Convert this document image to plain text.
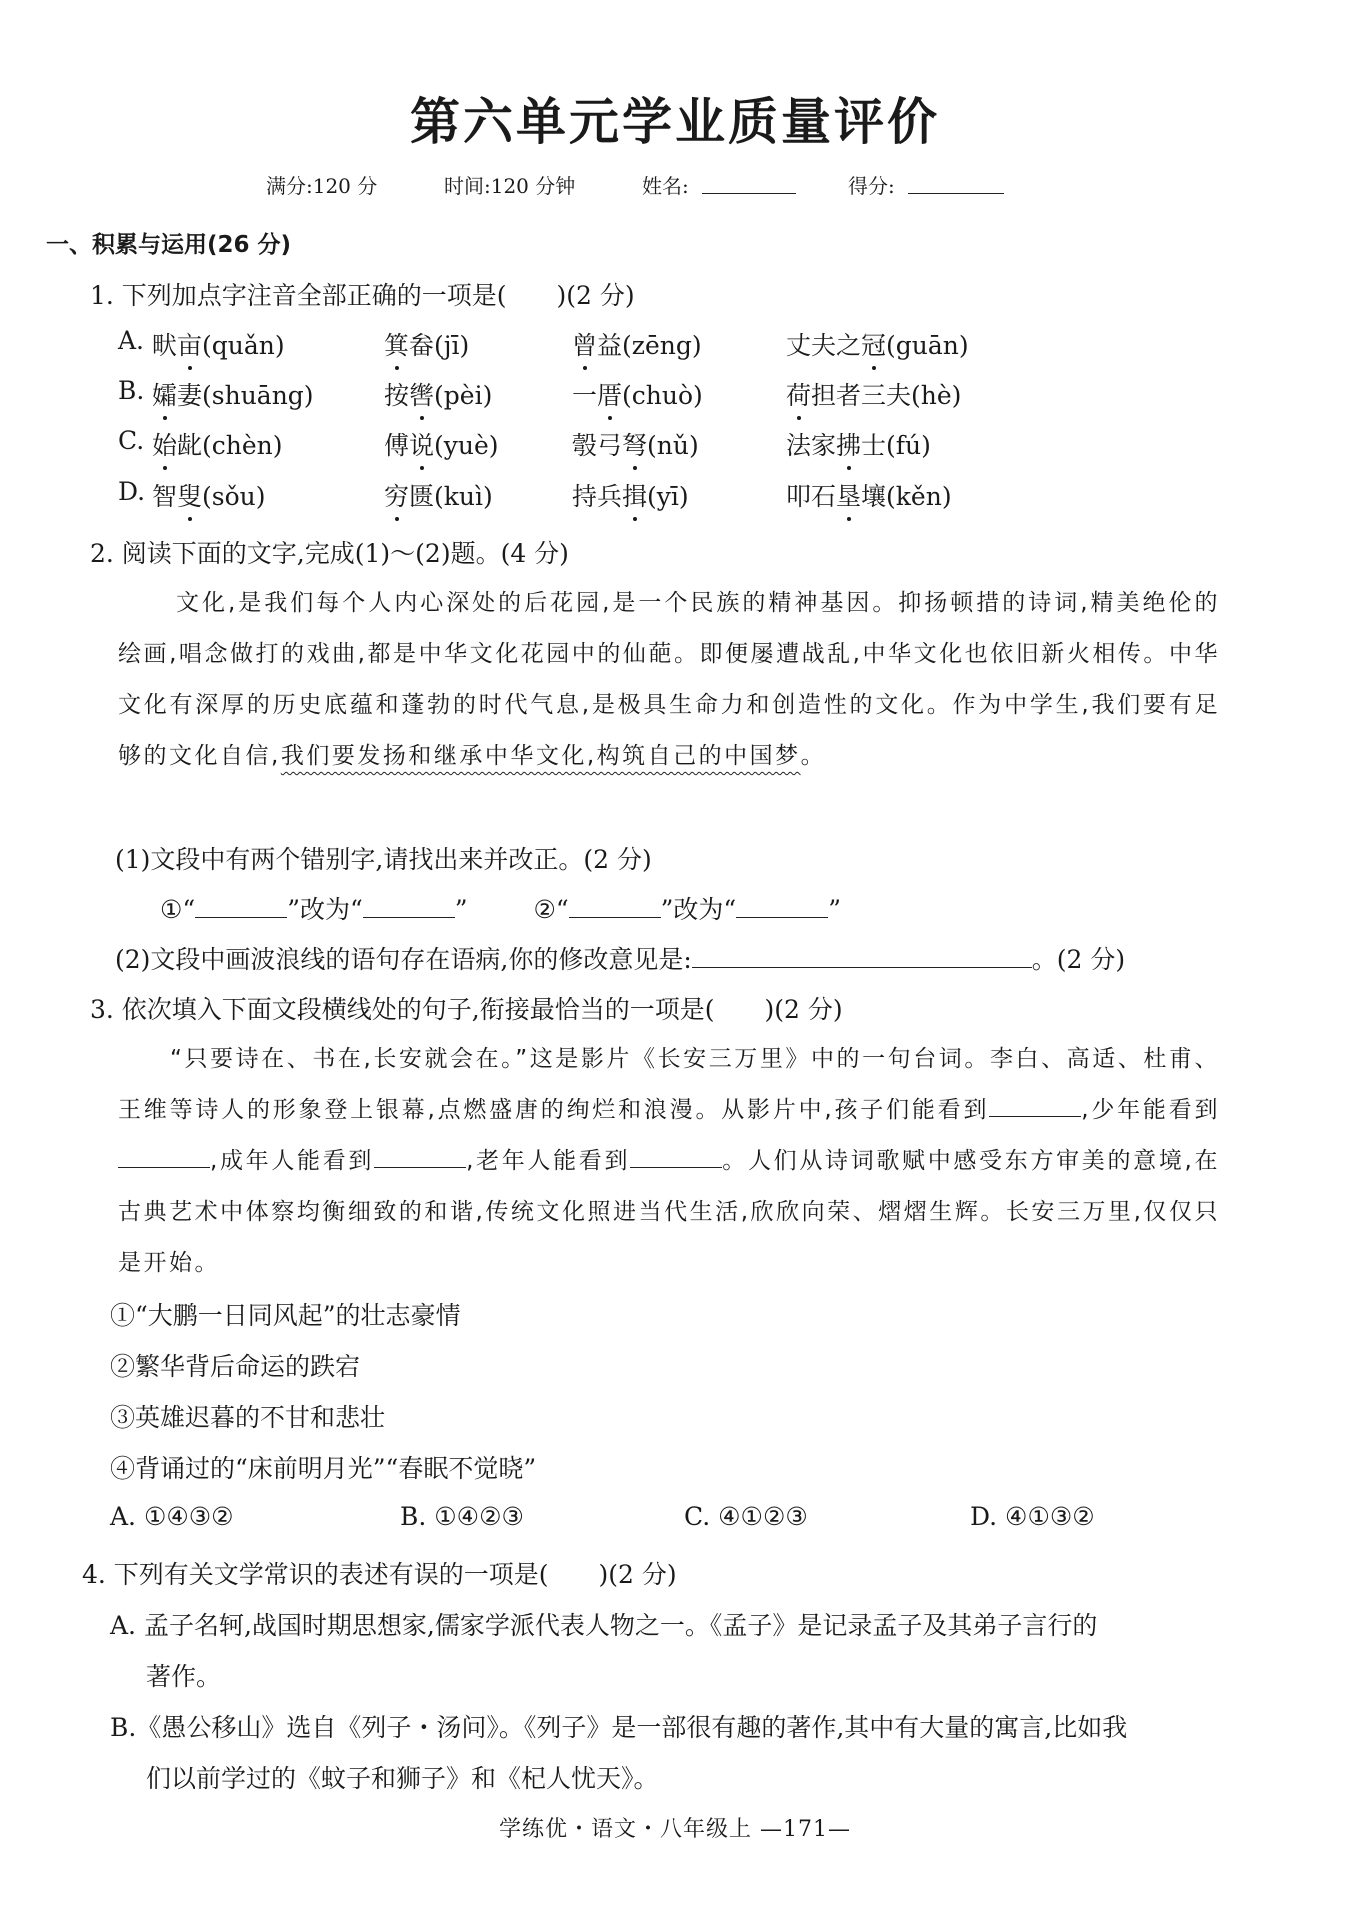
第六单元学业质量评价
满分:120 分	时间:120 分钟	姓名:	得分:
一、积累与运用(26 分)
1. 下列加点字注音全部正确的一项是(　　)(2 分)
A. 畎亩(quǎn)	箕畚(jī)	曾益(zēng)	丈夫之冠(guān)
B. 孀妻(shuāng)	按辔(pèi)	一厝(chuò)	荷担者三夫(hè)
C. 始龀(chèn)	傅说(yuè)	彀弓弩(nǔ)	法家拂士(fú)
D. 智叟(sǒu)	穷匮(kuì)	持兵揖(yī)	叩石垦壤(kěn)
2. 阅读下面的文字,完成(1)～(2)题。(4 分)
文化,是我们每个人内心深处的后花园,是一个民族的精神基因。抑扬顿措的诗词,精美绝伦的绘画,唱念做打的戏曲,都是中华文化花园中的仙葩。即便屡遭战乱,中华文化也依旧新火相传。中华文化有深厚的历史底蕴和蓬勃的时代气息,是极具生命力和创造性的文化。作为中学生,我们要有足够的文化自信,我们要发扬和继承中华文化,构筑自己的中国梦。
(1)文段中有两个错别字,请找出来并改正。(2 分)
①“	”改为“	”	②“	”改为“	”
(2)文段中画波浪线的语句存在语病,你的修改意见是:	。(2 分)
3. 依次填入下面文段横线处的句子,衔接最恰当的一项是(　　)(2 分)
“只要诗在、书在,长安就会在。”这是影片《长安三万里》中的一句台词。李白、高适、杜甫、王维等诗人的形象登上银幕,点燃盛唐的绚烂和浪漫。从影片中,孩子们能看到	,少年能看到,成年人能看到	,老年人能看到	。人们从诗词歌赋中感受东方审美的意境,在古典艺术中体察均衡细致的和谐,传统文化照进当代生活,欣欣向荣、熠熠生辉。长安三万里,仅仅只是开始。
①“大鹏一日同风起”的壮志豪情
②繁华背后命运的跌宕
③英雄迟暮的不甘和悲壮
④背诵过的“床前明月光”“春眠不觉晓”
A. ①④③②	B. ①④②③	C. ④①②③	D. ④①③②
4. 下列有关文学常识的表述有误的一项是(　　)(2 分)
A. 孟子名轲,战国时期思想家,儒家学派代表人物之一。《孟子》是记录孟子及其弟子言行的
著作。
B.《愚公移山》选自《列子・汤问》。《列子》是一部很有趣的著作,其中有大量的寓言,比如我
们以前学过的《蚊子和狮子》和《杞人忧天》。
学练优・语文・八年级上 —171—
